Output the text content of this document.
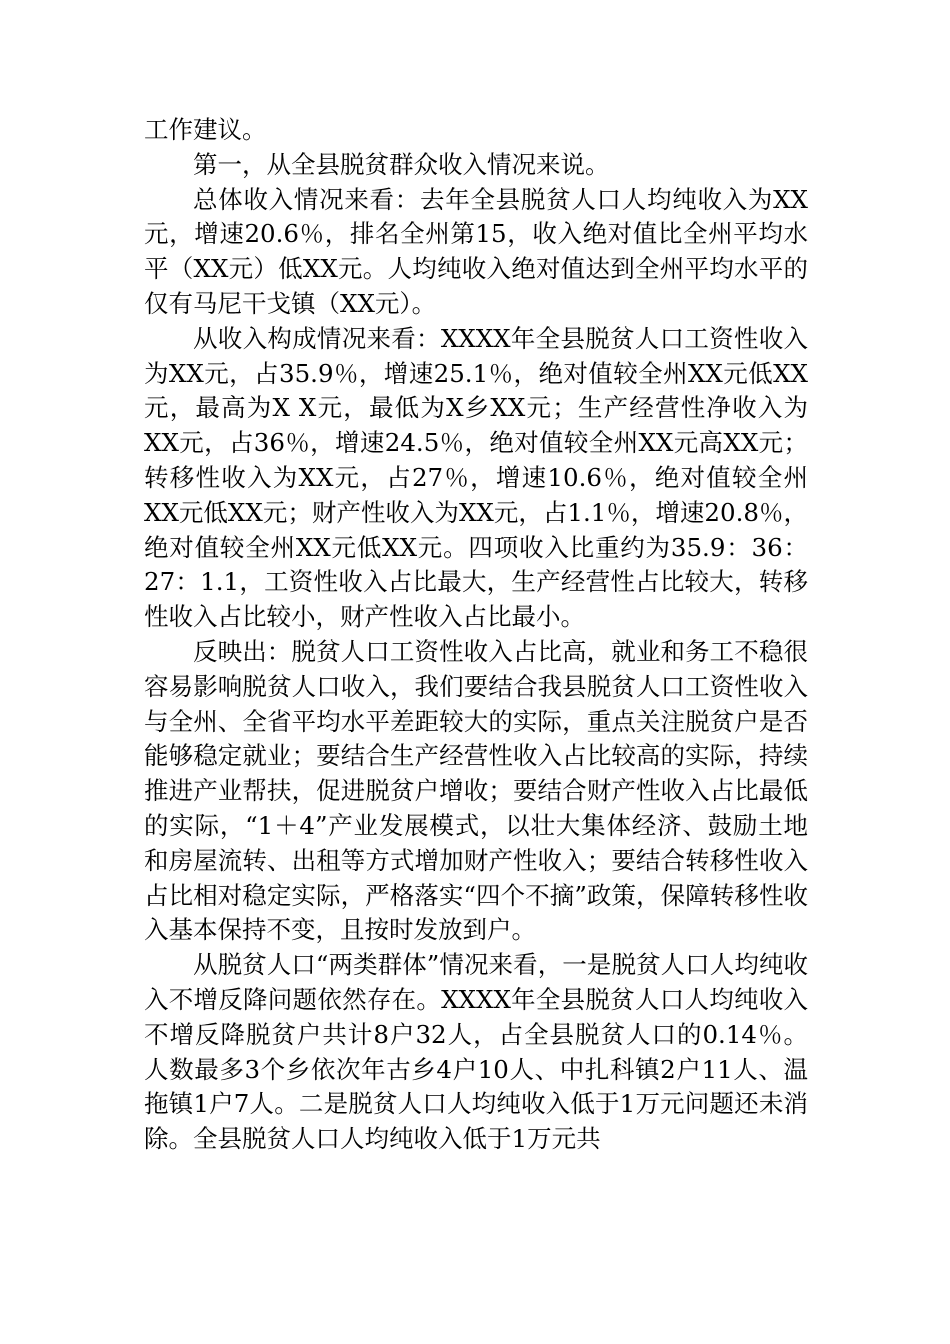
工作建议。

第一，从全县脱贫群众收入情况来说。

总体收入情况来看：去年全县脱贫人口人均纯收入为XX元，增速20.6％，排名全州第15，收入绝对值比全州平均水平（XX元）低XX元。人均纯收入绝对值达到全州平均水平的仅有马尼干戈镇（XX元）。

从收入构成情况来看：XXXX年全县脱贫人口工资性收入为XX元，占35.9％，增速25.1％，绝对值较全州XX元低XX元，最高为X X元，最低为X乡XX元；生产经营性净收入为XX元，占36％，增速24.5％，绝对值较全州XX元高XX元；转移性收入为XX元，占27％，增速10.6％，绝对值较全州XX元低XX元；财产性收入为XX元，占1.1％，增速20.8％，绝对值较全州XX元低XX元。四项收入比重约为35.9：36：27：1.1，工资性收入占比最大，生产经营性占比较大，转移性收入占比较小，财产性收入占比最小。

反映出：脱贫人口工资性收入占比高，就业和务工不稳很容易影响脱贫人口收入，我们要结合我县脱贫人口工资性收入与全州、全省平均水平差距较大的实际，重点关注脱贫户是否能够稳定就业；要结合生产经营性收入占比较高的实际，持续推进产业帮扶，促进脱贫户增收；要结合财产性收入占比最低的实际，“1＋4”产业发展模式，以壮大集体经济、鼓励土地和房屋流转、出租等方式增加财产性收入；要结合转移性收入占比相对稳定实际，严格落实“四个不摘”政策，保障转移性收入基本保持不变，且按时发放到户。

从脱贫人口“两类群体”情况来看，一是脱贫人口人均纯收入不增反降问题依然存在。XXXX年全县脱贫人口人均纯收入不增反降脱贫户共计8户32人，占全县脱贫人口的0.14％。人数最多3个乡依次年古乡4户10人、中扎科镇2户11人、温拖镇1户7人。二是脱贫人口人均纯收入低于1万元问题还未消除。全县脱贫人口人均纯收入低于1万元共
